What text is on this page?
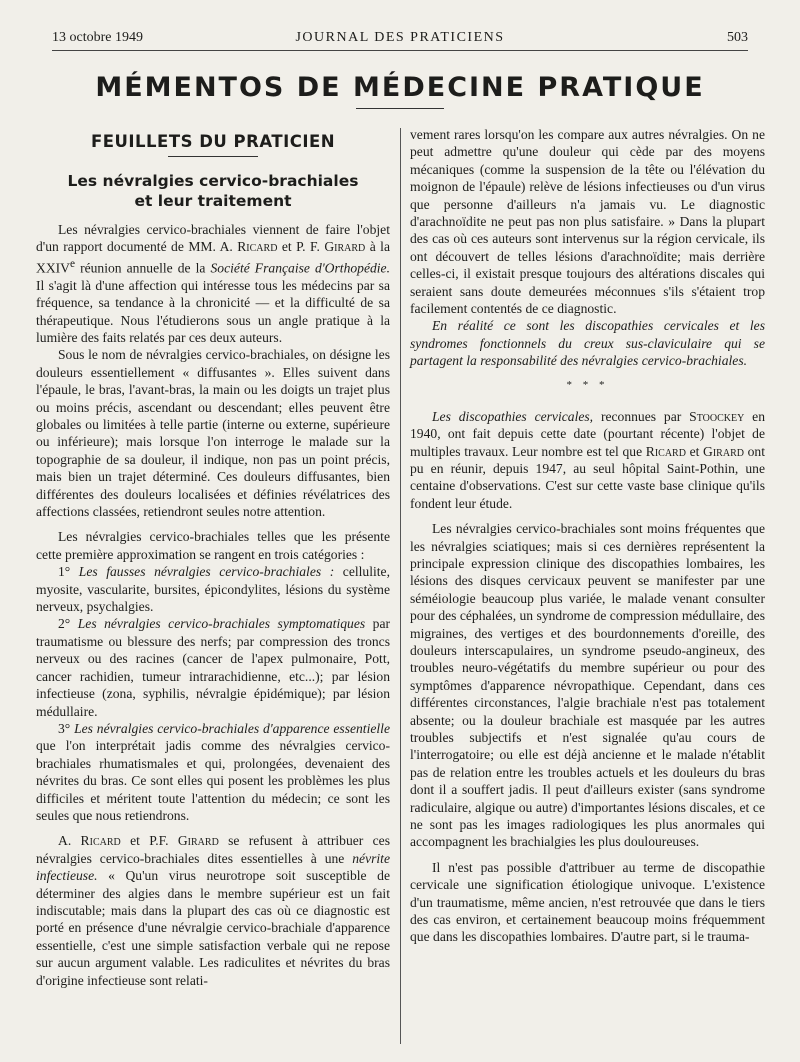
13 octobre 1949	JOURNAL DES PRATICIENS	503
MÉMENTOS DE MÉDECINE PRATIQUE
FEUILLETS DU PRATICIEN
Les névralgies cervico-brachiales
et leur traitement

Les névralgies cervico-brachiales viennent de faire l'objet d'un rapport documenté de MM. A. Ricard et P. F. Girard à la XXIVe réunion annuelle de la Société Française d'Orthopédie. Il s'agit là d'une affection qui intéresse tous les médecins par sa fréquence, sa tendance à la chronicité — et la difficulté de sa thérapeutique. Nous l'étudierons sous un angle pratique à la lumière des faits relatés par ces deux auteurs.

Sous le nom de névralgies cervico-brachiales, on désigne les douleurs essentiellement « diffusantes ». Elles suivent dans l'épaule, le bras, l'avant-bras, la main ou les doigts un trajet plus ou moins précis, ascendant ou descendant; elles peuvent être globales ou limitées à telle partie (interne ou externe, supérieure ou inférieure); mais lorsque l'on interroge le malade sur la topographie de sa douleur, il indique, non pas un point précis, mais bien un trajet déterminé. Ces douleurs diffusantes, bien différentes des douleurs localisées et définies révélatrices des affections classées, retiendront seules notre attention.

Les névralgies cervico-brachiales telles que les présente cette première approximation se rangent en trois catégories :

1° Les fausses névralgies cervico-brachiales : cellulite, myosite, vascularite, bursites, épicondylites, lésions du système nerveux, psychalgies.

2° Les névralgies cervico-brachiales symptomatiques par traumatisme ou blessure des nerfs; par compression des troncs nerveux ou des racines (cancer de l'apex pulmonaire, Pott, cancer rachidien, tumeur intrarachidienne, etc...); par lésion infectieuse (zona, syphilis, névralgie épidémique); par lésion médullaire.

3° Les névralgies cervico-brachiales d'apparence essentielle que l'on interprétait jadis comme des névralgies cervico-brachiales rhumatismales et qui, prolongées, devenaient des névrites du bras. Ce sont elles qui posent les problèmes les plus difficiles et méritent toute l'attention du médecin; ce sont les seules que nous retiendrons.

A. Ricard et P.F. Girard se refusent à attribuer ces névralgies cervico-brachiales dites essentielles à une névrite infectieuse. « Qu'un virus neurotrope soit susceptible de déterminer des algies dans le membre supérieur est un fait indiscutable; mais dans la plupart des cas où ce diagnostic est porté en présence d'une névralgie cervico-brachiale d'apparence essentielle, c'est une simple satisfaction verbale qui ne repose sur aucun argument valable. Les radiculites et névrites du bras d'origine infectieuse sont relati-

vement rares lorsqu'on les compare aux autres névralgies. On ne peut admettre qu'une douleur qui cède par des moyens mécaniques (comme la suspension de la tête ou l'élévation du moignon de l'épaule) relève de lésions infectieuses ou d'un virus que personne d'ailleurs n'a jamais vu. Le diagnostic d'arachnoïdite ne peut pas non plus satisfaire. » Dans la plupart des cas où ces auteurs sont intervenus sur la région cervicale, ils ont découvert de telles lésions d'arachnoïdite; mais derrière celles-ci, il existait presque toujours des altérations discales qui seraient sans doute demeurées méconnues s'ils s'étaient trop facilement contentés de ce diagnostic.

En réalité ce sont les discopathies cervicales et les syndromes fonctionnels du creux sus-claviculaire qui se partagent la responsabilité des névralgies cervico-brachiales.

* * *

Les discopathies cervicales, reconnues par Stoockey en 1940, ont fait depuis cette date (pourtant récente) l'objet de multiples travaux. Leur nombre est tel que Ricard et Girard ont pu en réunir, depuis 1947, au seul hôpital Saint-Pothin, une centaine d'observations. C'est sur cette vaste base clinique qu'ils fondent leur étude.

Les névralgies cervico-brachiales sont moins fréquentes que les névralgies sciatiques; mais si ces dernières représentent la principale expression clinique des discopathies lombaires, les lésions des disques cervicaux peuvent se manifester par une séméiologie beaucoup plus variée, le malade venant consulter pour des céphalées, un syndrome de compression médullaire, des migraines, des vertiges et des bourdonnements d'oreille, des douleurs interscapulaires, un syndrome pseudo-angineux, des troubles neuro-végétatifs du membre supérieur ou pour des symptômes d'apparence névropathique. Cependant, dans ces différentes circonstances, l'algie brachiale n'est pas totalement absente; ou la douleur brachiale est masquée par les autres troubles subjectifs et n'est signalée qu'au cours de l'interrogatoire; ou elle est déjà ancienne et le malade n'établit pas de relation entre les troubles actuels et les douleurs du bras dont il a souffert jadis. Il peut d'ailleurs exister (sans syndrome radiculaire, algique ou autre) d'importantes lésions discales, et ce ne sont pas les images radiologiques les plus anormales qui accompagnent les brachialgies les plus douloureuses.

Il n'est pas possible d'attribuer au terme de discopathie cervicale une signification étiologique univoque. L'existence d'un traumatisme, même ancien, n'est retrouvée que dans le tiers des cas environ, et certainement beaucoup moins fréquemment que dans les discopathies lombaires. D'autre part, si le trauma-
